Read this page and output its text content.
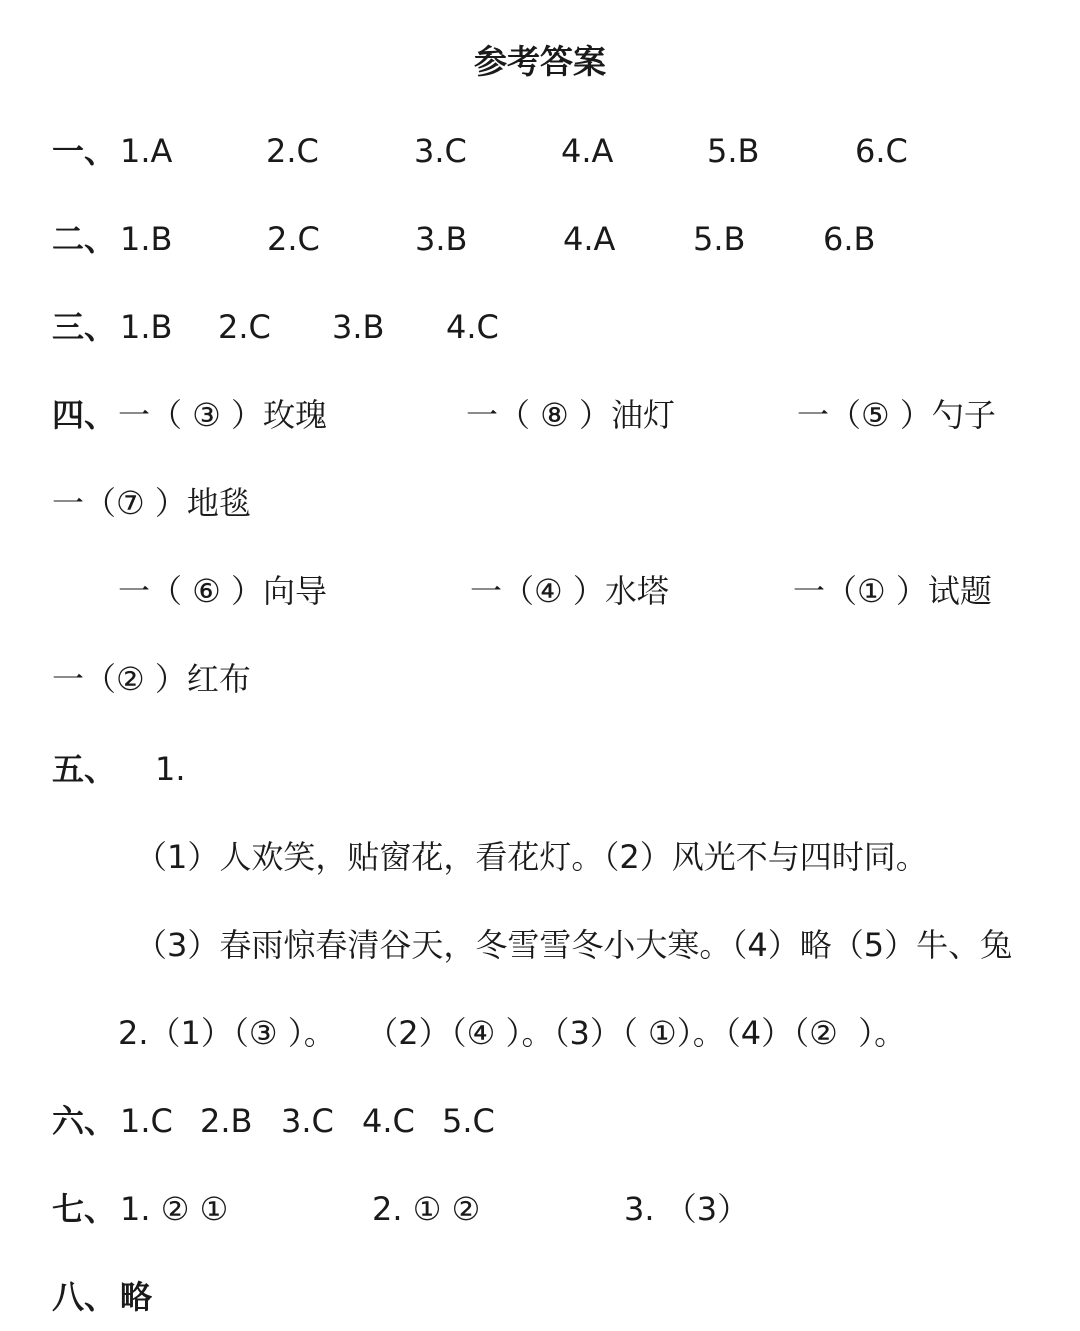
参考答案
一、 1.A	2.C	3.C	4.A	5.B	6.C
二、 1.B	2.C	3.B	4.A 5.B 6.B
三、 1.B 2.C 3.B 4.C
四、 一（ ③ ）玫瑰	一（ ⑧ ）油灯	一（⑤ ）勺子
一（⑦ ）地毯
一（ ⑥ ）向导	一（④ ）水塔	一（① ）试题
一（② ）红布
五、 1.
（1）人欢笑，贴窗花，看花灯。（2）风光不与四时同。
（3）春雨惊春清谷天，冬雪雪冬小大寒。（4）略（5）牛、兔
2.（1）（③ ）。   （2）（④ ）。（3）（ ①）。（4）（②  ）。
六、 1.C 2.B 3.C 4.C 5.C
七、 1. ② ①	2. ① ②	3. （3）
八、 略
